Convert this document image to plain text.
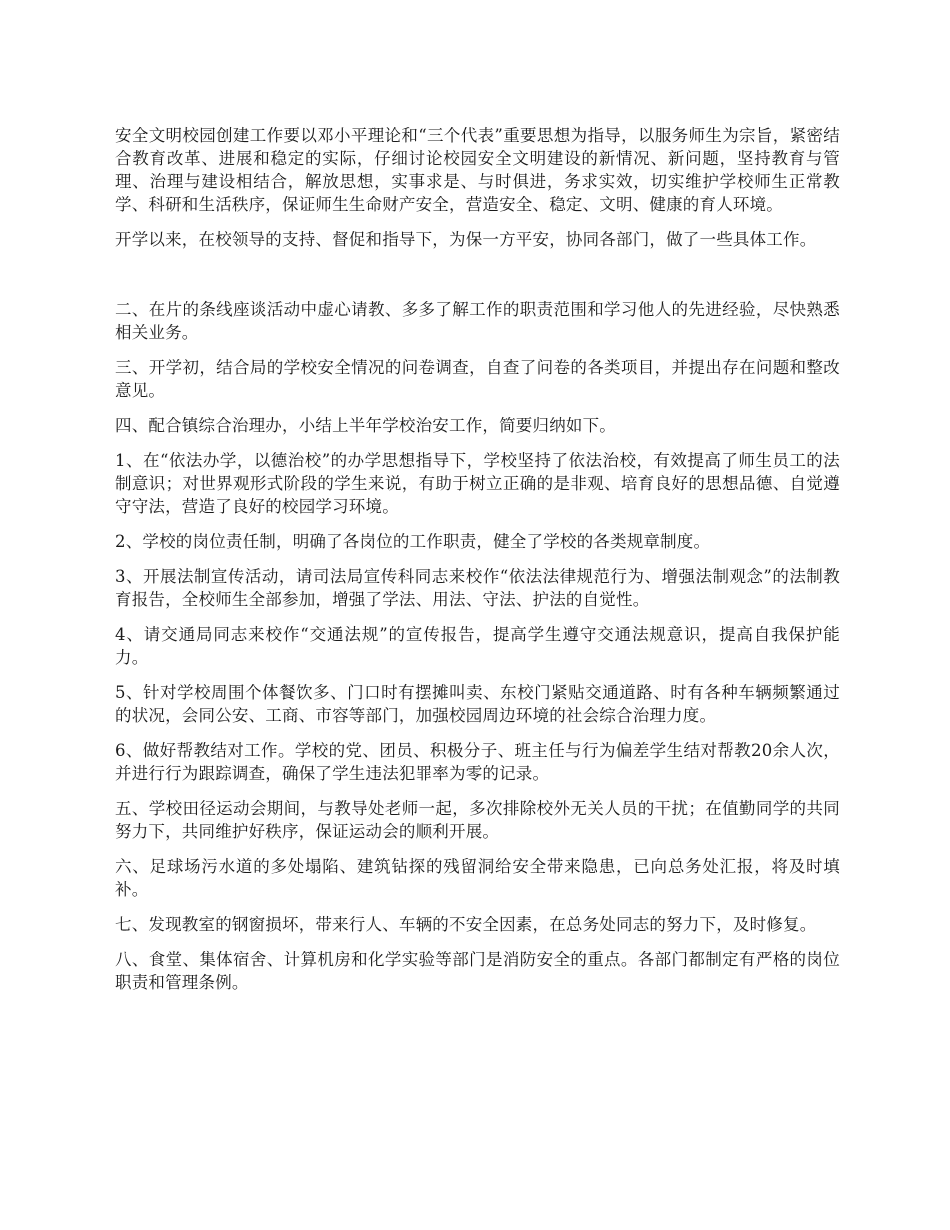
安全文明校园创建工作要以邓小平理论和“三个代表”重要思想为指导，以服务师生为宗旨，紧密结合教育改革、进展和稳定的实际，仔细讨论校园安全文明建设的新情况、新问题，坚持教育与管理、治理与建设相结合，解放思想，实事求是、与时俱进，务求实效，切实维护学校师生正常教学、科研和生活秩序，保证师生生命财产安全，营造安全、稳定、文明、健康的育人环境。

开学以来，在校领导的支持、督促和指导下，为保一方平安，协同各部门，做了一些具体工作。

二、在片的条线座谈活动中虚心请教、多多了解工作的职责范围和学习他人的先进经验，尽快熟悉相关业务。

三、开学初，结合局的学校安全情况的问卷调查，自查了问卷的各类项目，并提出存在问题和整改意见。

四、配合镇综合治理办，小结上半年学校治安工作，简要归纳如下。

1、在“依法办学，以德治校”的办学思想指导下，学校坚持了依法治校，有效提高了师生员工的法制意识；对世界观形式阶段的学生来说，有助于树立正确的是非观、培育良好的思想品德、自觉遵守守法，营造了良好的校园学习环境。

2、学校的岗位责任制，明确了各岗位的工作职责，健全了学校的各类规章制度。

3、开展法制宣传活动，请司法局宣传科同志来校作“依法法律规范行为、增强法制观念”的法制教育报告，全校师生全部参加，增强了学法、用法、守法、护法的自觉性。

4、请交通局同志来校作“交通法规”的宣传报告，提高学生遵守交通法规意识，提高自我保护能力。

5、针对学校周围个体餐饮多、门口时有摆摊叫卖、东校门紧贴交通道路、时有各种车辆频繁通过的状况，会同公安、工商、市容等部门，加强校园周边环境的社会综合治理力度。

6、做好帮教结对工作。学校的党、团员、积极分子、班主任与行为偏差学生结对帮教20余人次，并进行行为跟踪调查，确保了学生违法犯罪率为零的记录。

五、学校田径运动会期间，与教导处老师一起，多次排除校外无关人员的干扰；在值勤同学的共同努力下，共同维护好秩序，保证运动会的顺利开展。

六、足球场污水道的多处塌陷、建筑钻探的残留洞给安全带来隐患，已向总务处汇报，将及时填补。

七、发现教室的钢窗损坏，带来行人、车辆的不安全因素，在总务处同志的努力下，及时修复。

八、食堂、集体宿舍、计算机房和化学实验等部门是消防安全的重点。各部门都制定有严格的岗位职责和管理条例。
